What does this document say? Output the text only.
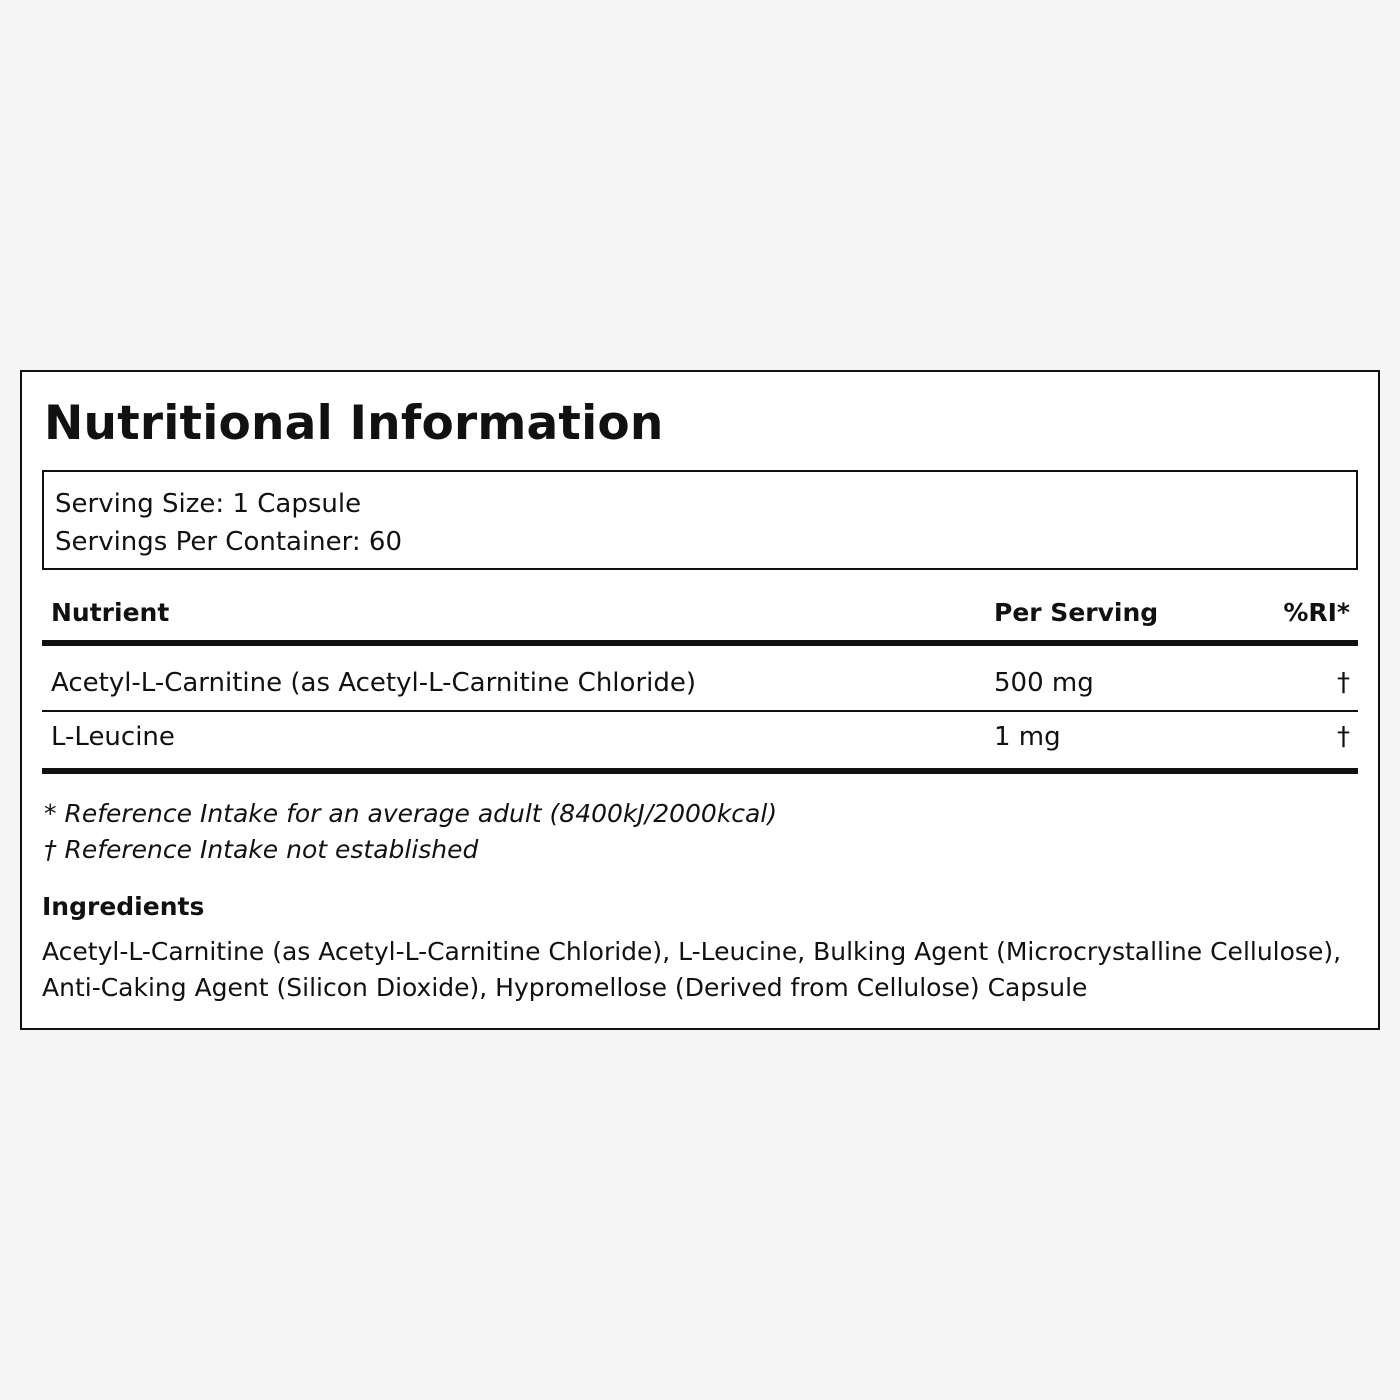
Nutritional Information
Serving Size: 1 Capsule
Servings Per Container: 60
Nutrient	Per Serving	%RI*
Acetyl-L-Carnitine (as Acetyl-L-Carnitine Chloride)	500 mg	†
L-Leucine	1 mg	†
* Reference Intake for an average adult (8400kJ/2000kcal)
† Reference Intake not established
Ingredients

Acetyl-L-Carnitine (as Acetyl-L-Carnitine Chloride), L-Leucine, Bulking Agent (Microcrystalline Cellulose), Anti-Caking Agent (Silicon Dioxide), Hypromellose (Derived from Cellulose) Capsule
